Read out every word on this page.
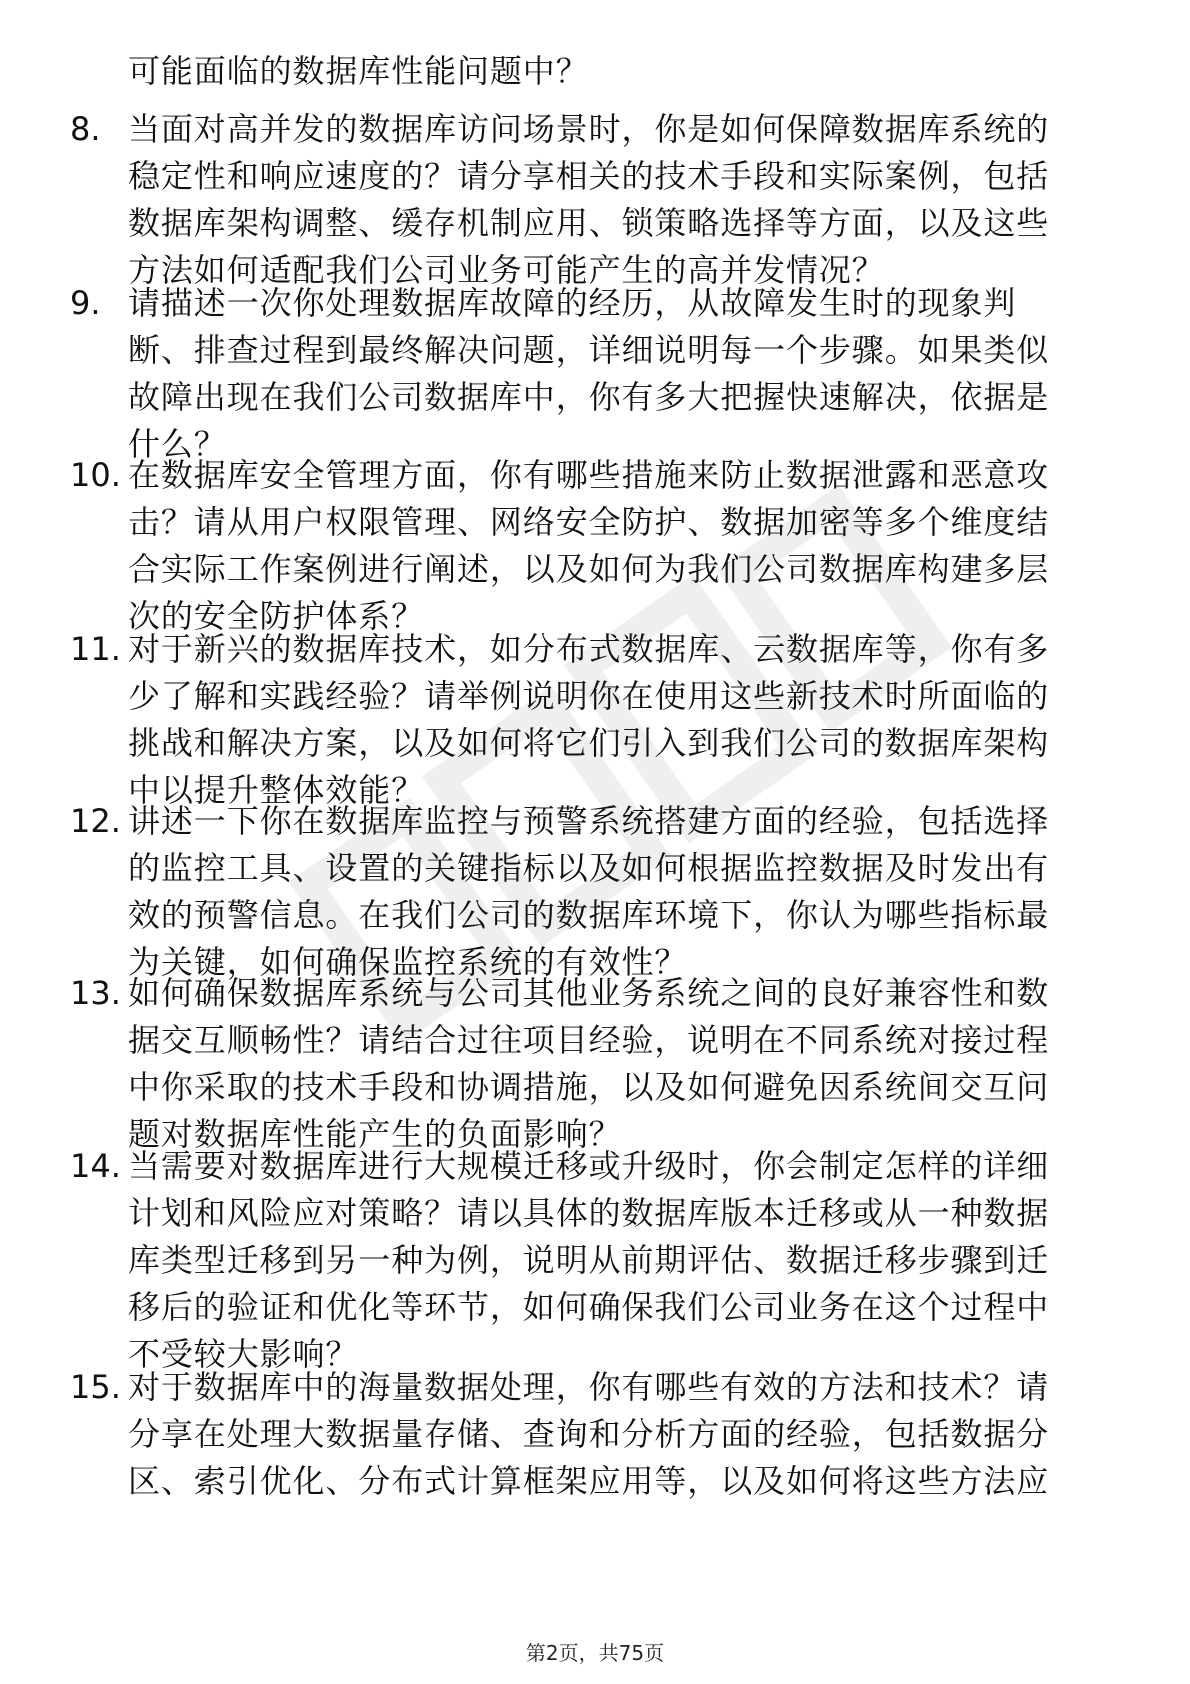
可能面临的数据库性能问题中？
8. 当面对高并发的数据库访问场景时，你是如何保障数据库系统的
稳定性和响应速度的？请分享相关的技术手段和实际案例，包括
数据库架构调整、缓存机制应用、锁策略选择等方面，以及这些
方法如何适配我们公司业务可能产生的高并发情况？
9. 请描述一次你处理数据库故障的经历，从故障发生时的现象判
断、排查过程到最终解决问题，详细说明每一个步骤。如果类似
故障出现在我们公司数据库中，你有多大把握快速解决，依据是
什么？
10. 在数据库安全管理方面，你有哪些措施来防止数据泄露和恶意攻
击？请从用户权限管理、网络安全防护、数据加密等多个维度结
合实际工作案例进行阐述，以及如何为我们公司数据库构建多层
次的安全防护体系？
11. 对于新兴的数据库技术，如分布式数据库、云数据库等，你有多
少了解和实践经验？请举例说明你在使用这些新技术时所面临的
挑战和解决方案，以及如何将它们引入到我们公司的数据库架构
中以提升整体效能？
12. 讲述一下你在数据库监控与预警系统搭建方面的经验，包括选择
的监控工具、设置的关键指标以及如何根据监控数据及时发出有
效的预警信息。在我们公司的数据库环境下，你认为哪些指标最
为关键，如何确保监控系统的有效性？
13. 如何确保数据库系统与公司其他业务系统之间的良好兼容性和数
据交互顺畅性？请结合过往项目经验，说明在不同系统对接过程
中你采取的技术手段和协调措施，以及如何避免因系统间交互问
题对数据库性能产生的负面影响？
14. 当需要对数据库进行大规模迁移或升级时，你会制定怎样的详细
计划和风险应对策略？请以具体的数据库版本迁移或从一种数据
库类型迁移到另一种为例，说明从前期评估、数据迁移步骤到迁
移后的验证和优化等环节，如何确保我们公司业务在这个过程中
不受较大影响？
15. 对于数据库中的海量数据处理，你有哪些有效的方法和技术？请
分享在处理大数据量存储、查询和分析方面的经验，包括数据分
区、索引优化、分布式计算框架应用等，以及如何将这些方法应
第2页，共75页
